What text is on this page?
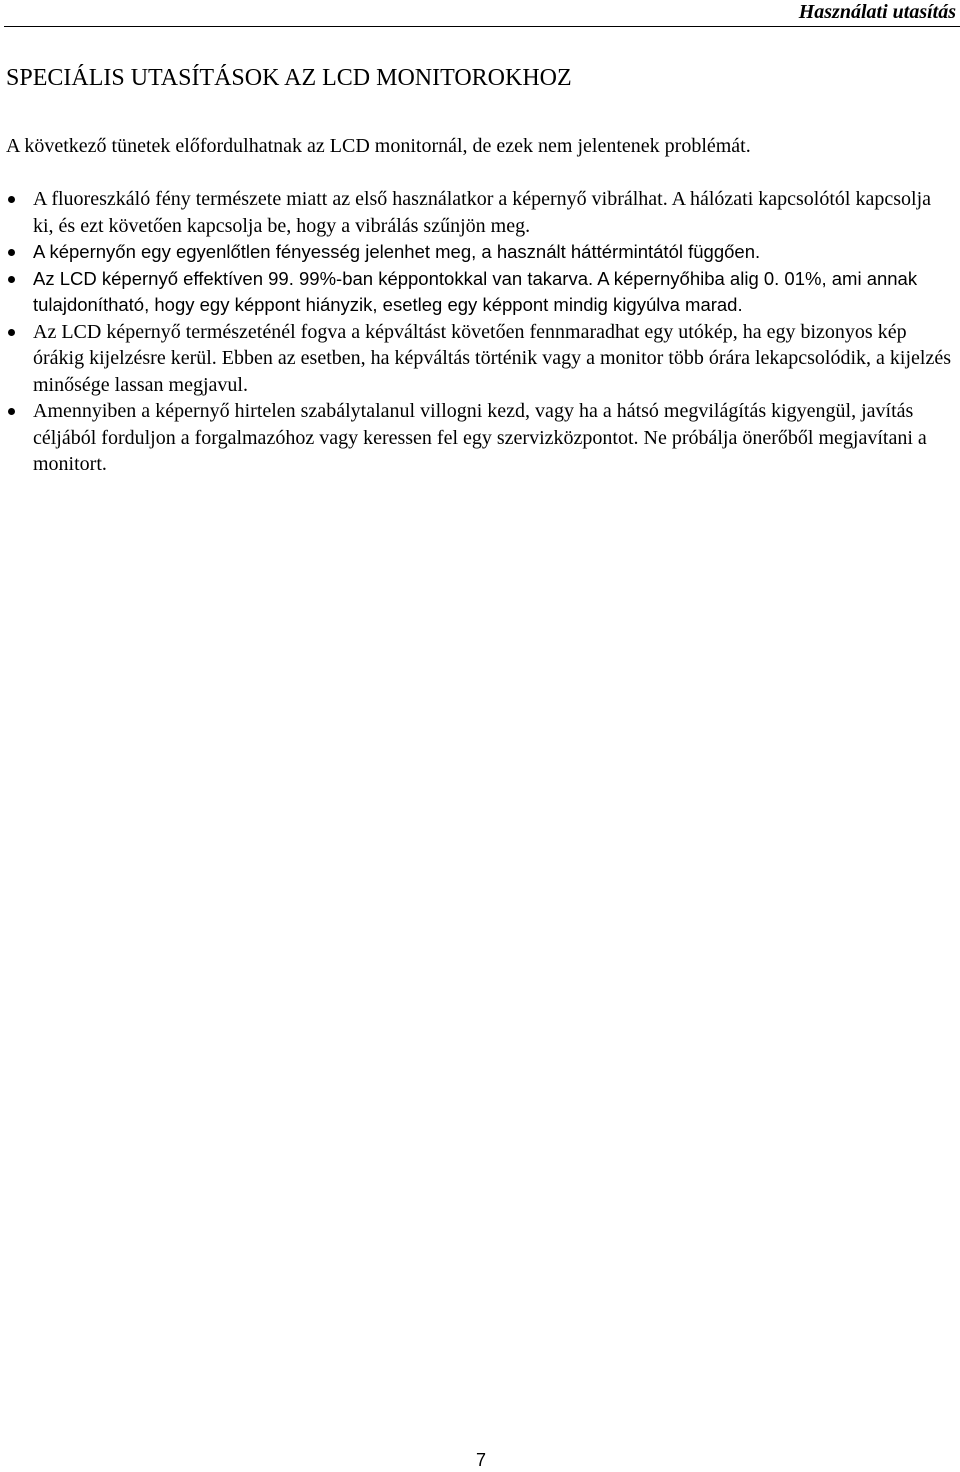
Használati utasítás
SPECIÁLIS UTASÍTÁSOK AZ LCD MONITOROKHOZ

A következő tünetek előfordulhatnak az LCD monitornál, de ezek nem jelentenek problémát.

A fluoreszkáló fény természete miatt az első használatkor a képernyő vibrálhat. A hálózati kapcsolótól kapcsolja ki, és ezt követően kapcsolja be, hogy a vibrálás szűnjön meg.
A képernyőn egy egyenlőtlen fényesség jelenhet meg, a használt háttérmintától függően.
Az LCD képernyő effektíven 99. 99%-ban képpontokkal van takarva. A képernyőhiba alig 0. 01%, ami annak tulajdonítható, hogy egy képpont hiányzik, esetleg egy képpont mindig kigyúlva marad.
Az LCD képernyő természeténél fogva a képváltást követően fennmaradhat egy utókép, ha egy bizonyos kép órákig kijelzésre kerül. Ebben az esetben, ha képváltás történik vagy a monitor több órára lekapcsolódik, a kijelzés minősége lassan megjavul.
Amennyiben a képernyő hirtelen szabálytalanul villogni kezd, vagy ha a hátsó megvilágítás kigyengül, javítás céljából forduljon a forgalmazóhoz vagy keressen fel egy szervizközpontot. Ne próbálja önerőből megjavítani a monitort.
7
